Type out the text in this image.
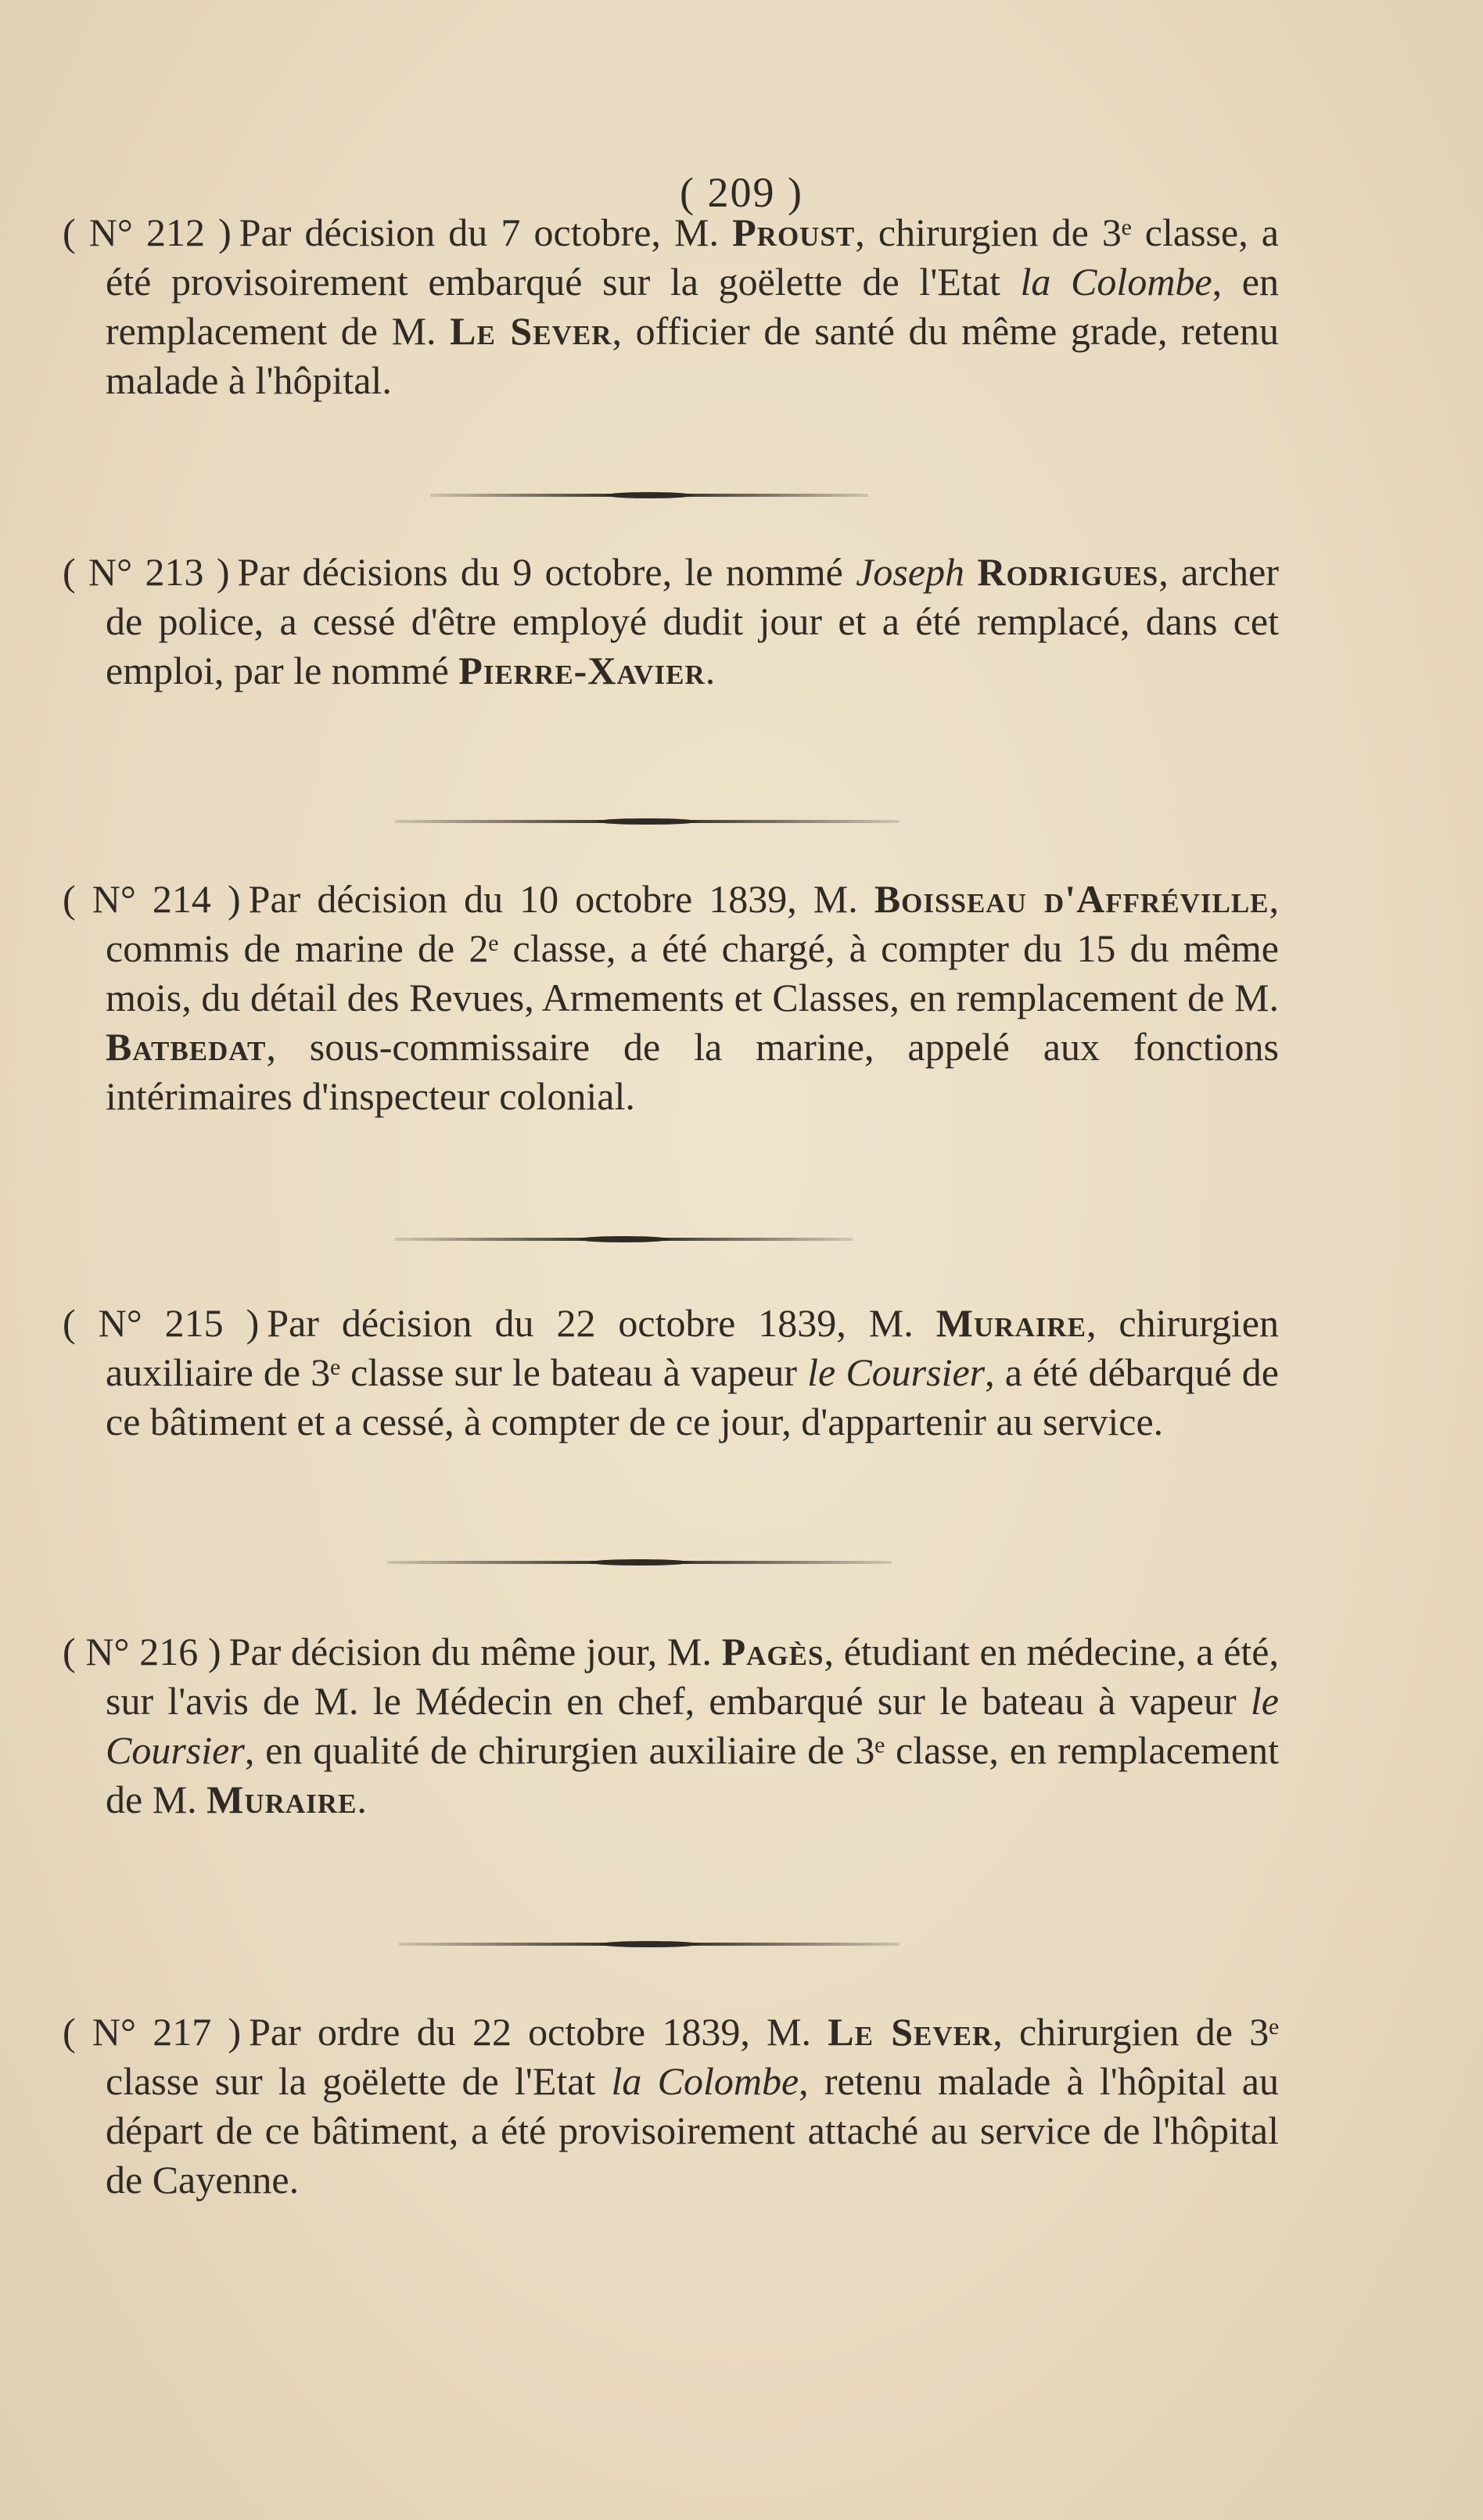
( 209 )

( N° 212 ) Par décision du 7 octobre, M. Proust, chirurgien de 3ᵉ classe, a été provisoirement embarqué sur la goëlette de l'Etat la Colombe, en remplacement de M. Le Sever, officier de santé du même grade, retenu malade à l'hôpital.

( N° 213 ) Par décisions du 9 octobre, le nommé Joseph Rodrigues, archer de police, a cessé d'être employé dudit jour et a été remplacé, dans cet emploi, par le nommé Pierre-Xavier.

( N° 214 ) Par décision du 10 octobre 1839, M. Boisseau d'Affréville, commis de marine de 2ᵉ classe, a été chargé, à compter du 15 du même mois, du détail des Revues, Armements et Classes, en remplacement de M. Batbedat, sous-commissaire de la marine, appelé aux fonctions intérimaires d'inspecteur colonial.

( N° 215 ) Par décision du 22 octobre 1839, M. Muraire, chirurgien auxiliaire de 3ᵉ classe sur le bateau à vapeur le Coursier, a été débarqué de ce bâtiment et a cessé, à compter de ce jour, d'appartenir au service.

( N° 216 ) Par décision du même jour, M. Pagès, étudiant en médecine, a été, sur l'avis de M. le Médecin en chef, embarqué sur le bateau à vapeur le Coursier, en qualité de chirurgien auxiliaire de 3ᵉ classe, en remplacement de M. Muraire.

( N° 217 ) Par ordre du 22 octobre 1839, M. Le Sever, chirurgien de 3ᵉ classe sur la goëlette de l'Etat la Colombe, retenu malade à l'hôpital au départ de ce bâtiment, a été provisoirement attaché au service de l'hôpital de Cayenne.
